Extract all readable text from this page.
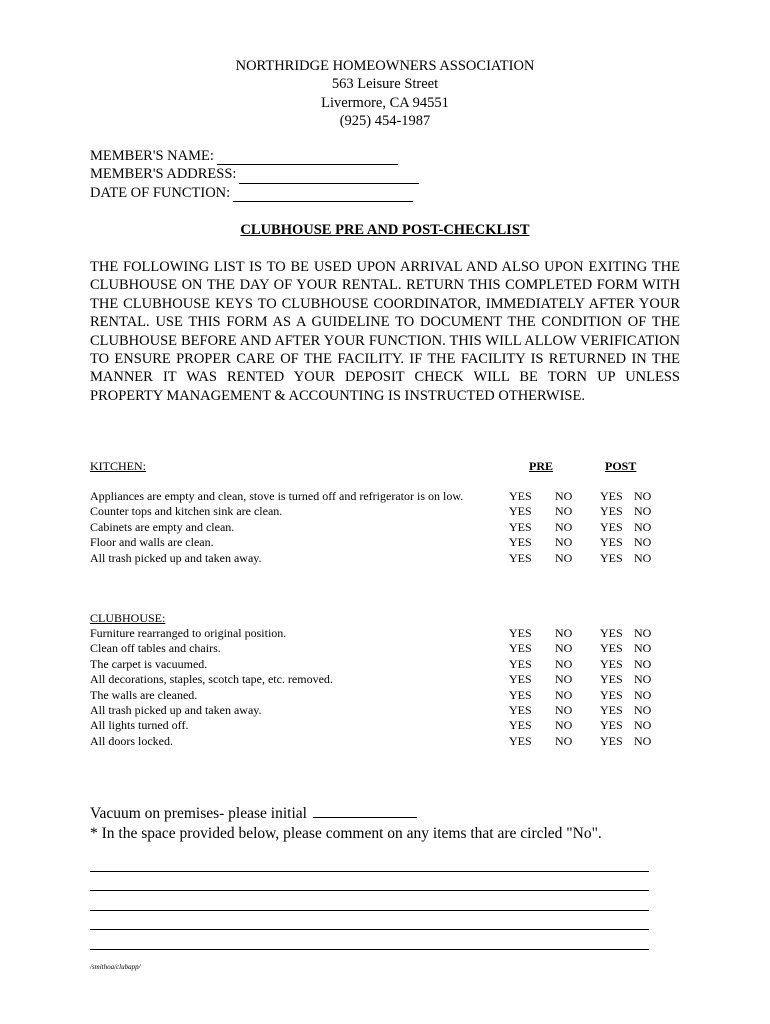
NORTHRIDGE HOMEOWNERS ASSOCIATION
563 Leisure Street
Livermore, CA 94551
(925) 454-1987
MEMBER'S NAME:
MEMBER'S ADDRESS:
DATE OF FUNCTION:
CLUBHOUSE PRE AND POST-CHECKLIST
THE FOLLOWING LIST IS TO BE USED UPON ARRIVAL AND ALSO UPON EXITING THE CLUBHOUSE ON THE DAY OF YOUR RENTAL. RETURN THIS COMPLETED FORM WITH THE CLUBHOUSE KEYS TO CLUBHOUSE COORDINATOR, IMMEDIATELY AFTER YOUR RENTAL. USE THIS FORM AS A GUIDELINE TO DOCUMENT THE CONDITION OF THE CLUBHOUSE BEFORE AND AFTER YOUR FUNCTION. THIS WILL ALLOW VERIFICATION TO ENSURE PROPER CARE OF THE FACILITY. IF THE FACILITY IS RETURNED IN THE MANNER IT WAS RENTED YOUR DEPOSIT CHECK WILL BE TORN UP UNLESS PROPERTY MANAGEMENT & ACCOUNTING IS INSTRUCTED OTHERWISE.
KITCHEN:	PRE	POST
Appliances are empty and clean, stove is turned off and refrigerator is on low.
Counter tops and kitchen sink are clean.
Cabinets are empty and clean.
Floor and walls are clean.
All trash picked up and taken away.
YES
YES
YES
YES
YES
NO
NO
NO
NO
NO
YES
YES
YES
YES
YES
NO
NO
NO
NO
NO
CLUBHOUSE:
Furniture rearranged to original position.
Clean off tables and chairs.
The carpet is vacuumed.
All decorations, staples, scotch tape, etc. removed.
The walls are cleaned.
All trash picked up and taken away.
All lights turned off.
All doors locked.
YES
YES
YES
YES
YES
YES
YES
YES
NO
NO
NO
NO
NO
NO
NO
NO
YES
YES
YES
YES
YES
YES
YES
YES
NO
NO
NO
NO
NO
NO
NO
NO
Vacuum on premises- please initial
* In the space provided below, please comment on any items that are circled "No".
/smithoa/clubapp/
